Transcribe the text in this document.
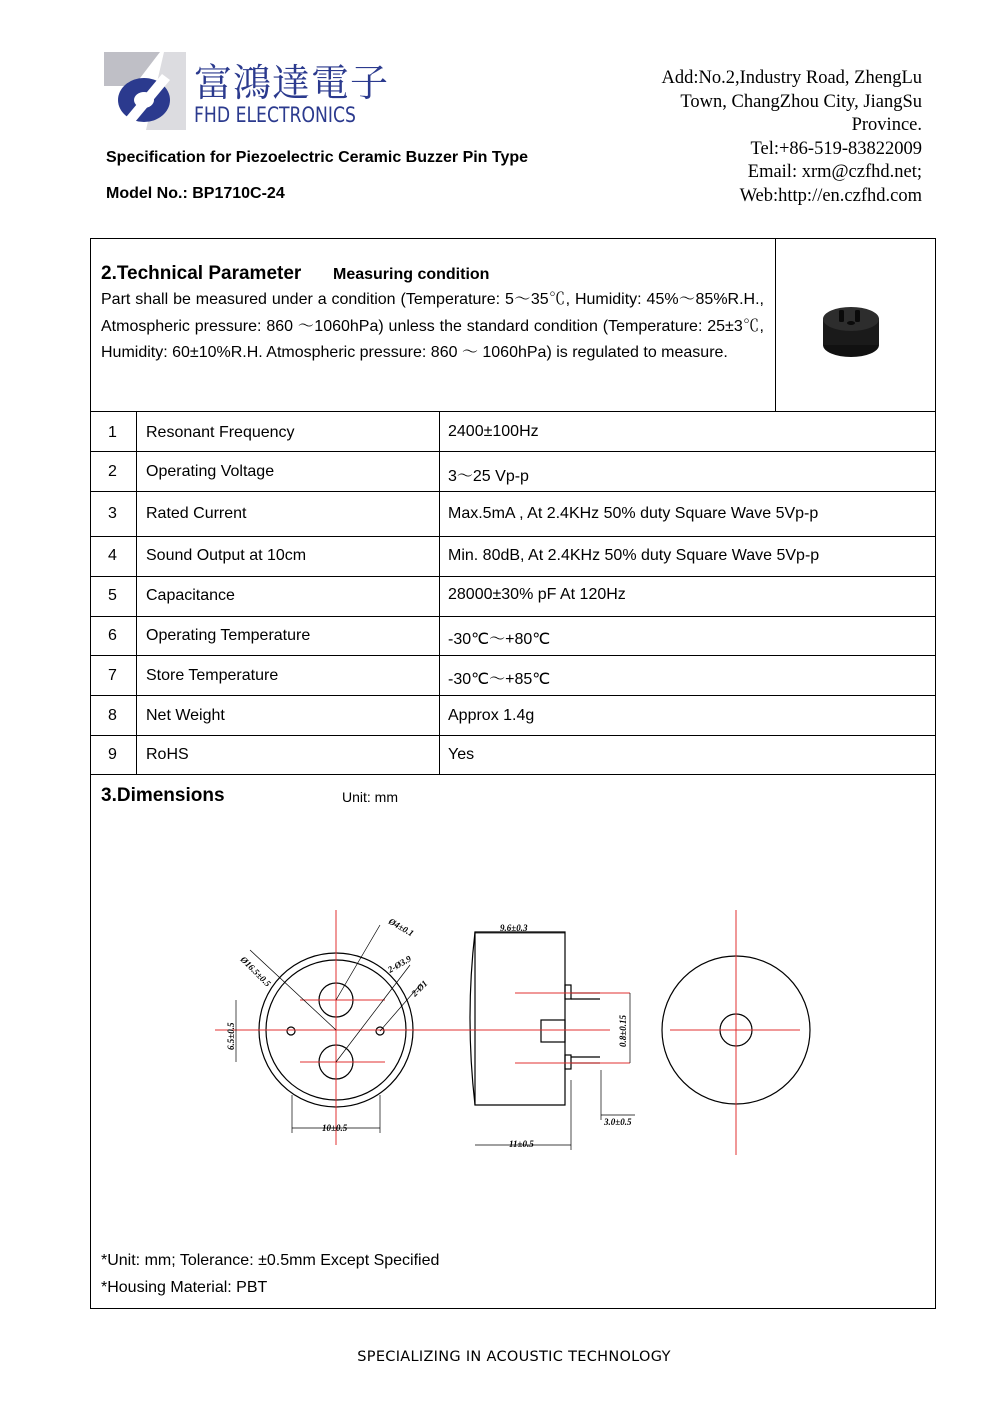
富鴻達電子
FHD ELECTRONICS
Specification for Piezoelectric Ceramic Buzzer Pin Type
Model No.: BP1710C-24
Add:No.2,Industry Road, ZhengLu
Town, ChangZhou City, JiangSu
Province.
Tel:+86-519-83822009
Email: xrm@czfhd.net;
Web:http://en.czfhd.com
2.Technical Parameter Measuring condition
Part shall be measured under a condition (Temperature: 5～35℃, Humidity: 45%～85%R.H., Atmospheric pressure: 860 ～1060hPa) unless the standard condition (Temperature: 25±3℃, Humidity: 60±10%R.H. Atmospheric pressure: 860 ～ 1060hPa) is regulated to measure.
1 Resonant Frequency	2400±100Hz
2 Operating Voltage	3～25 Vp-p
3 Rated Current	Max.5mA , At 2.4KHz 50% duty Square Wave 5Vp-p
4 Sound Output at 10cm	Min. 80dB, At 2.4KHz 50% duty Square Wave 5Vp-p
5 Capacitance	28000±30% pF At 120Hz
6 Operating Temperature	-30℃～+80℃
7 Store Temperature	-30℃～+85℃
8 Net Weight	Approx 1.4g
9 RoHS	Yes
3.Dimensions	Unit: mm
*Unit: mm; Tolerance: ±0.5mm Except Specified
*Housing Material: PBT
Ø16.5±0.5
Ø4±0.1
2-Ø3.9
2-Ø1
6.5±0.5
10±0.5
9.6±0.3
0.8±0.15
3.0±0.5
11±0.5
SPECIALIZING IN ACOUSTIC TECHNOLOGY
